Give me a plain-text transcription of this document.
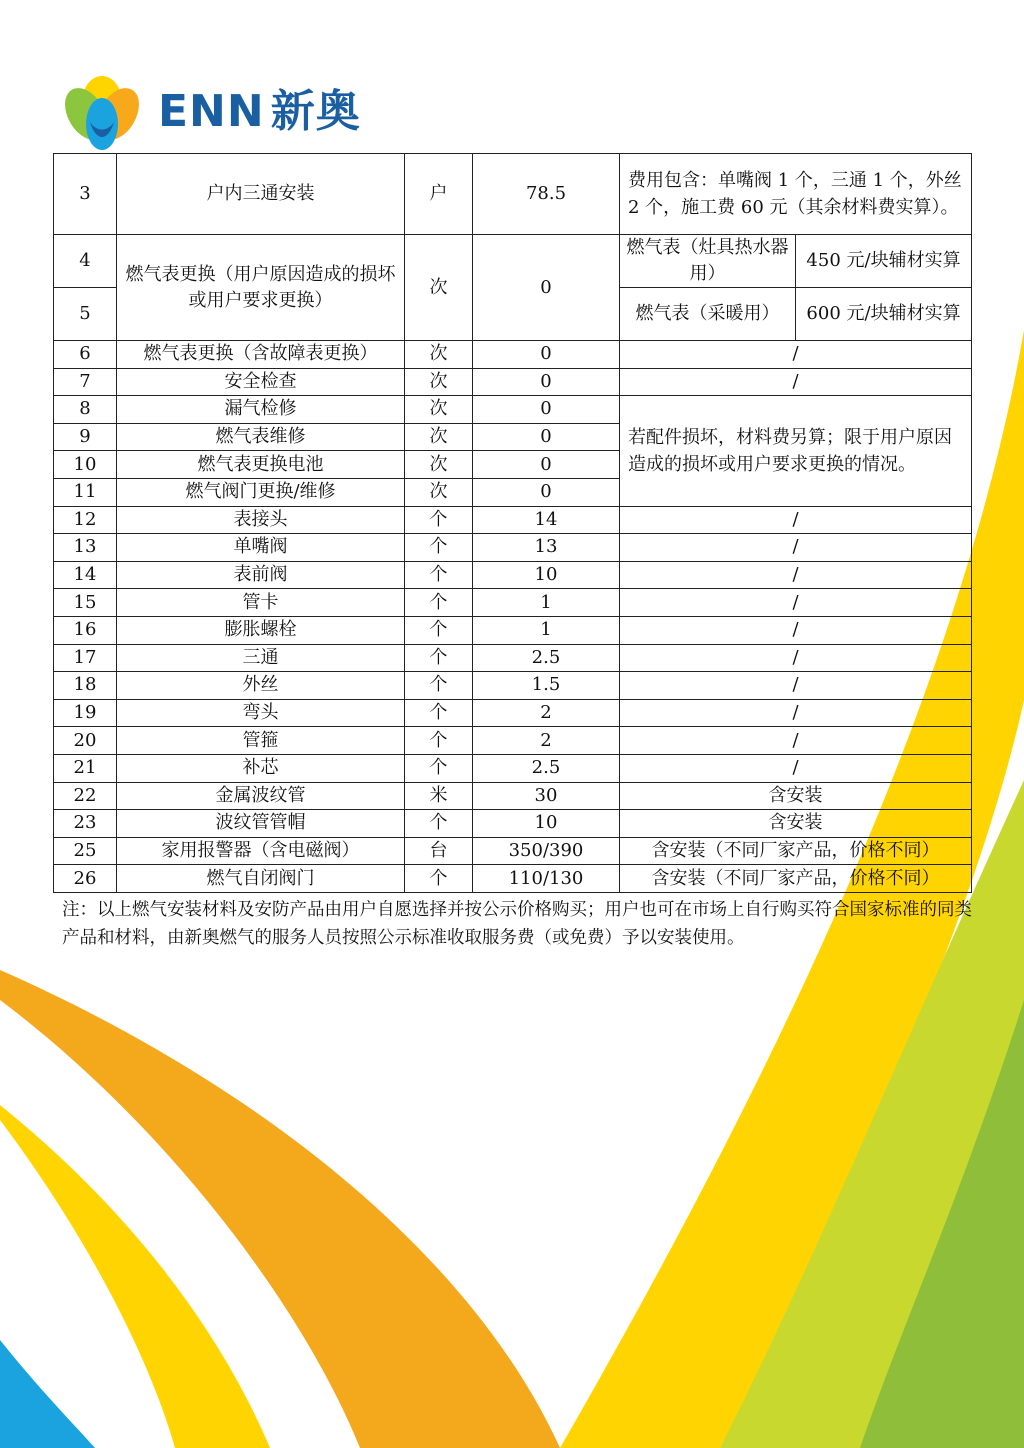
ENN 新奥
3	户内三通安装	户	78.5	费用包含：单嘴阀 1 个，三通 1 个，外丝 2 个，施工费 60 元（其余材料费实算）。	
4	燃气表更换（用户原因造成的损坏或用户要求更换）	次	0	燃气表（灶具热水器用）	450 元/块辅材实算
5				燃气表（采暖用）	600 元/块辅材实算
6	燃气表更换（含故障表更换）	次	0	/	
7	安全检查	次	0	/	
8	漏气检修	次	0	若配件损坏，材料费另算；限于用户原因造成的损坏或用户要求更换的情况。	
9	燃气表维修	次	0		
10	燃气表更换电池	次	0		
11	燃气阀门更换/维修	次	0		
12	表接头	个	14	/	
13	单嘴阀	个	13	/	
14	表前阀	个	10	/	
15	管卡	个	1	/	
16	膨胀螺栓	个	1	/	
17	三通	个	2.5	/	
18	外丝	个	1.5	/	
19	弯头	个	2	/	
20	管箍	个	2	/	
21	补芯	个	2.5	/	
22	金属波纹管	米	30	含安装	
23	波纹管管帽	个	10	含安装	
25	家用报警器（含电磁阀）	台	350/390	含安装（不同厂家产品，价格不同）	
26	燃气自闭阀门	个	110/130	含安装（不同厂家产品，价格不同）	
注：以上燃气安装材料及安防产品由用户自愿选择并按公示价格购买；用户也可在市场上自行购买符合国家标准的同类产品和材料，由新奥燃气的服务人员按照公示标准收取服务费（或免费）予以安装使用。
